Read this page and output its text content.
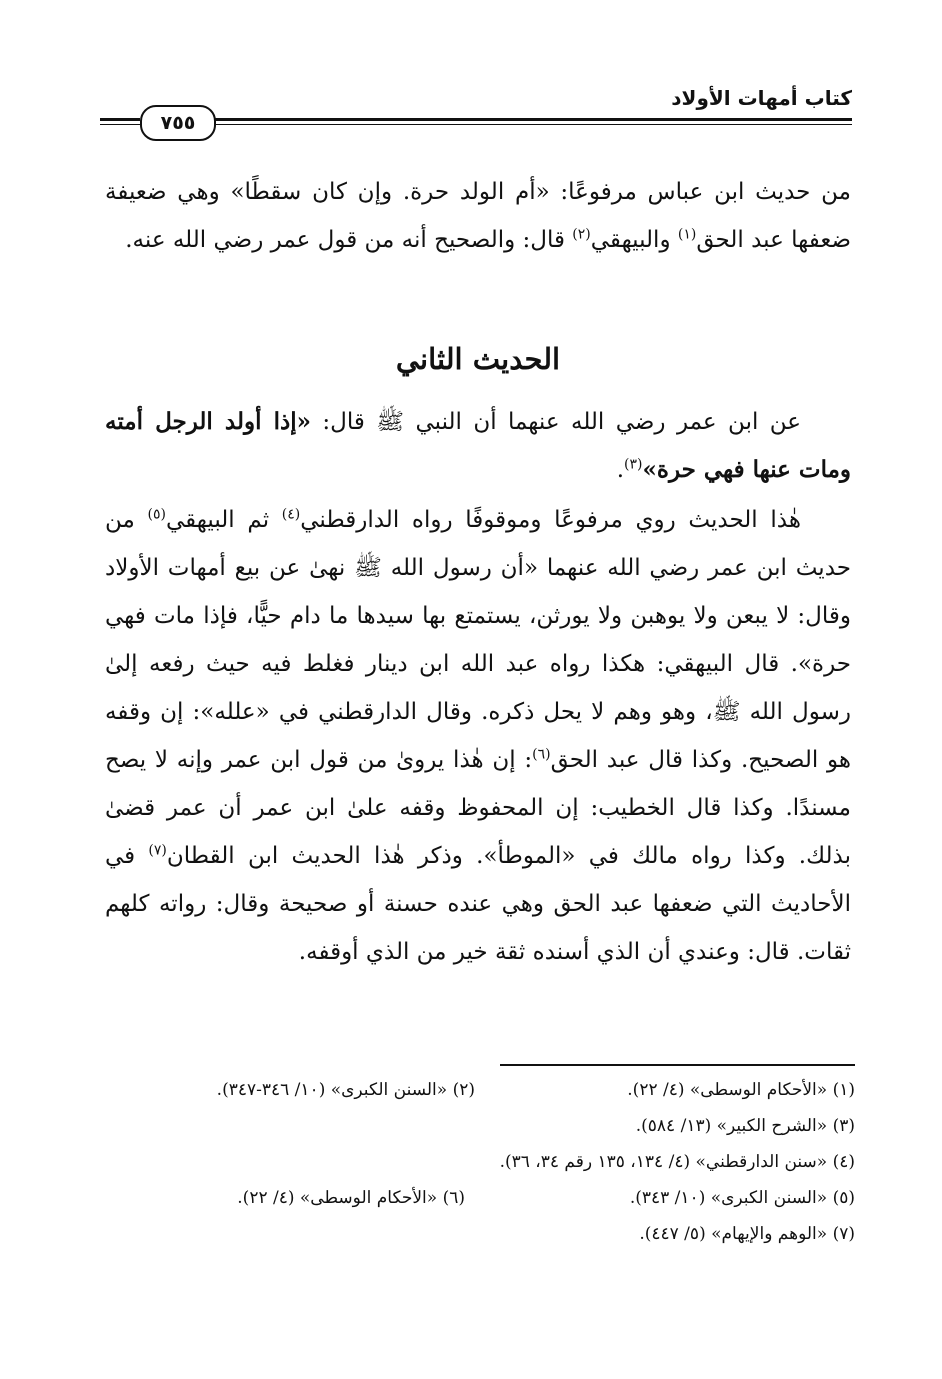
كتاب أمهات الأولاد
٧٥٥
من حديث ابن عباس مرفوعًا: «أم الولد حرة. وإن كان سقطًا» وهي ضعيفة ضعفها عبد الحق$^{(١)}$ والبيهقي$^{(٢)}$ قال: والصحيح أنه من قول عمر رضي الله عنه.
الحديث الثاني
عن ابن عمر رضي الله عنهما أن النبي ﷺ قال: «إذا أولد الرجل أمته ومات عنها فهي حرة»$^{(٣)}$.
هٰذا الحديث روي مرفوعًا وموقوفًا رواه الدارقطني$^{(٤)}$ ثم البيهقي$^{(٥)}$ من حديث ابن عمر رضي الله عنهما «أن رسول الله ﷺ نهىٰ عن بيع أمهات الأولاد وقال: لا يبعن ولا يوهبن ولا يورثن، يستمتع بها سيدها ما دام حيًّا، فإذا مات فهي حرة». قال البيهقي: هكذا رواه عبد الله ابن دينار فغلط فيه حيث رفعه إلىٰ رسول الله ﷺ، وهو وهم لا يحل ذكره. وقال الدارقطني في «علله»: إن وقفه هو الصحيح. وكذا قال عبد الحق$^{(٦)}$: إن هٰذا يروىٰ من قول ابن عمر وإنه لا يصح مسندًا. وكذا قال الخطيب: إن المحفوظ وقفه علىٰ ابن عمر أن عمر قضىٰ بذلك. وكذا رواه مالك في «الموطأ». وذكر هٰذا الحديث ابن القطان$^{(٧)}$ في الأحاديث التي ضعفها عبد الحق وهي عنده حسنة أو صحيحة وقال: رواته كلهم ثقات. قال: وعندي أن الذي أسنده ثقة خير من الذي أوقفه.
(١) «الأحكام الوسطى» (٤/ ٢٢).
(٢) «السنن الكبرى» (١٠/ ٣٤٦-٣٤٧).
(٣) «الشرح الكبير» (١٣/ ٥٨٤).
(٤) «سنن الدارقطني» (٤/ ١٣٤، ١٣٥ رقم ٣٤، ٣٦).
(٥) «السنن الكبرى» (١٠/ ٣٤٣).
(٦) «الأحكام الوسطى» (٤/ ٢٢).
(٧) «الوهم والإيهام» (٥/ ٤٤٧).
